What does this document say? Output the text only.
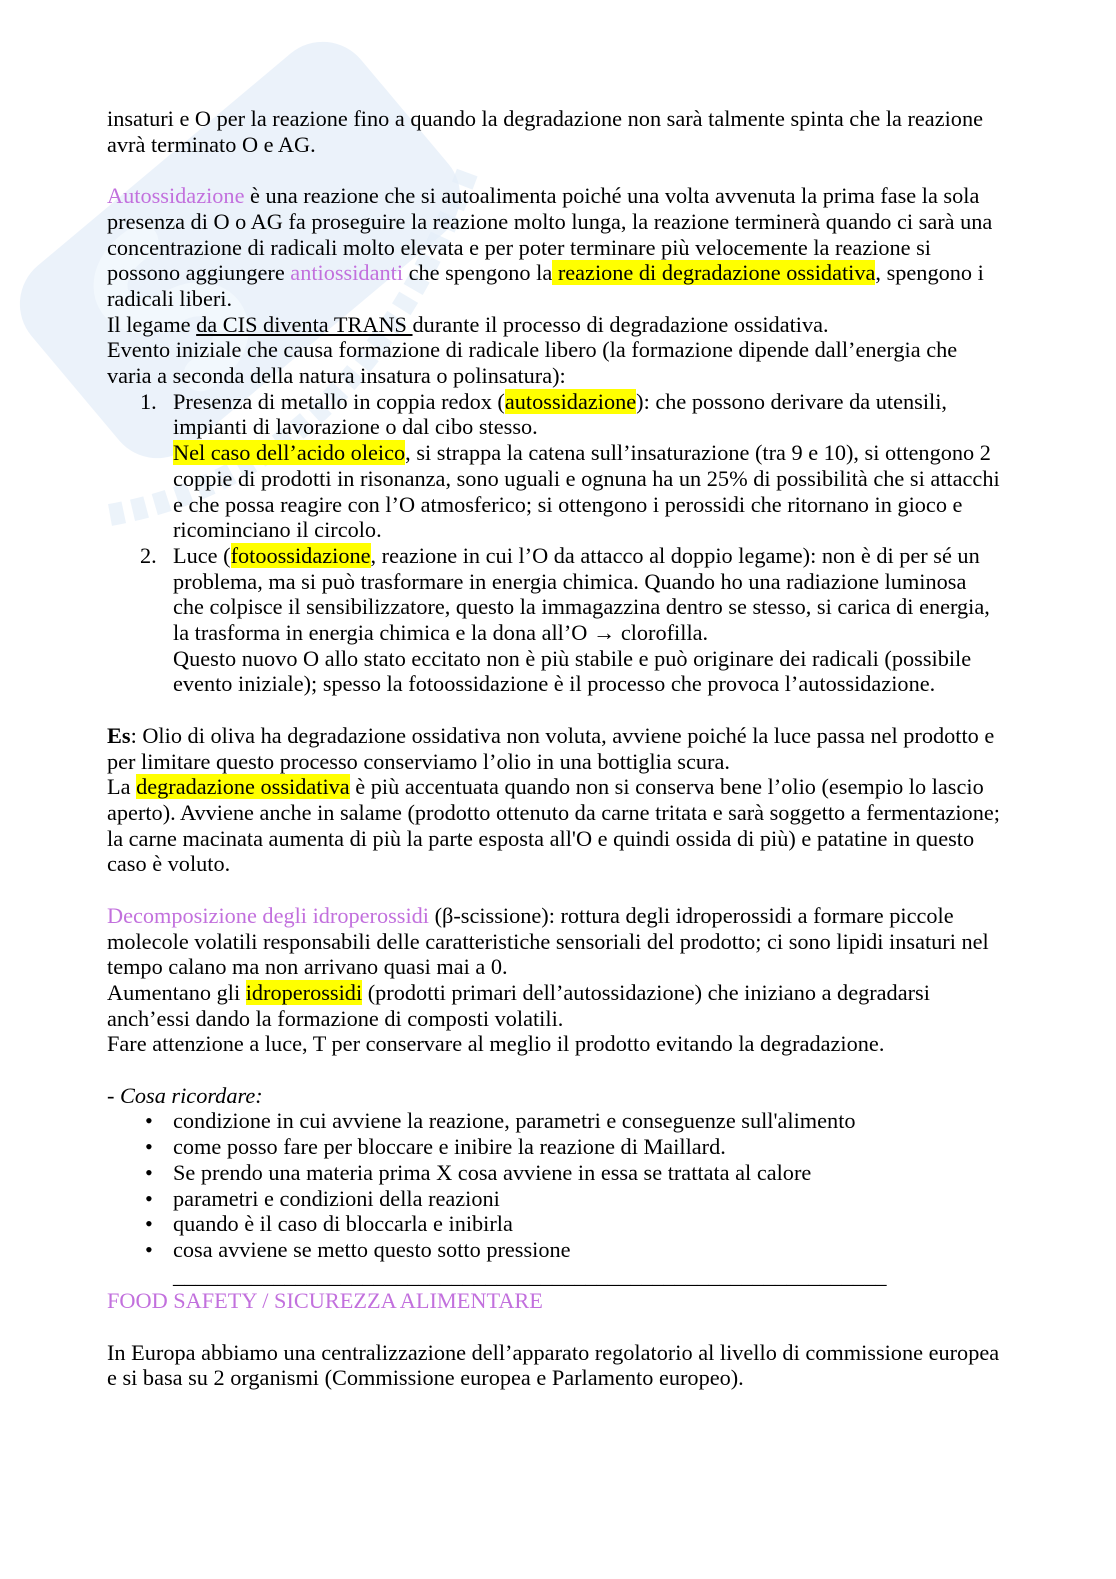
insaturi e O per la reazione fino a quando la degradazione non sarà talmente spinta che la reazione
avrà terminato O e AG.
Autossidazione è una reazione che si autoalimenta poiché una volta avvenuta la prima fase la sola
presenza di O o AG fa proseguire la reazione molto lunga, la reazione terminerà quando ci sarà una
concentrazione di radicali molto elevata e per poter terminare più velocemente la reazione si
possono aggiungere antiossidanti che spengono la reazione di degradazione ossidativa, spengono i
radicali liberi.
Il legame da CIS diventa TRANS durante il processo di degradazione ossidativa.
Evento iniziale che causa formazione di radicale libero (la formazione dipende dall’energia che
varia a seconda della natura insatura o polinsatura):
1. Presenza di metallo in coppia redox (autossidazione): che possono derivare da utensili,
impianti di lavorazione o dal cibo stesso.
Nel caso dell’acido oleico, si strappa la catena sull’insaturazione (tra 9 e 10), si ottengono 2
coppie di prodotti in risonanza, sono uguali e ognuna ha un 25% di possibilità che si attacchi
e che possa reagire con l’O atmosferico; si ottengono i perossidi che ritornano in gioco e
ricominciano il circolo.
2. Luce (fotoossidazione, reazione in cui l’O da attacco al doppio legame): non è di per sé un
problema, ma si può trasformare in energia chimica. Quando ho una radiazione luminosa
che colpisce il sensibilizzatore, questo la immagazzina dentro se stesso, si carica di energia,
la trasforma in energia chimica e la dona all’O → clorofilla.
Questo nuovo O allo stato eccitato non è più stabile e può originare dei radicali (possibile
evento iniziale); spesso la fotoossidazione è il processo che provoca l’autossidazione.
Es: Olio di oliva ha degradazione ossidativa non voluta, avviene poiché la luce passa nel prodotto e
per limitare questo processo conserviamo l’olio in una bottiglia scura.
La degradazione ossidativa è più accentuata quando non si conserva bene l’olio (esempio lo lascio
aperto). Avviene anche in salame (prodotto ottenuto da carne tritata e sarà soggetto a fermentazione;
la carne macinata aumenta di più la parte esposta all'O e quindi ossida di più) e patatine in questo
caso è voluto.
Decomposizione degli idroperossidi (β-scissione): rottura degli idroperossidi a formare piccole
molecole volatili responsabili delle caratteristiche sensoriali del prodotto; ci sono lipidi insaturi nel
tempo calano ma non arrivano quasi mai a 0.
Aumentano gli idroperossidi (prodotti primari dell’autossidazione) che iniziano a degradarsi
anch’essi dando la formazione di composti volatili.
Fare attenzione a luce, T per conservare al meglio il prodotto evitando la degradazione.
- Cosa ricordare:
• condizione in cui avviene la reazione, parametri e conseguenze sull'alimento
• come posso fare per bloccare e inibire la reazione di Maillard.
• Se prendo una materia prima X cosa avviene in essa se trattata al calore
• parametri e condizioni della reazioni
• quando è il caso di bloccarla e inibirla
• cosa avviene se metto questo sotto pressione
________________________________________________________________
FOOD SAFETY / SICUREZZA ALIMENTARE
In Europa abbiamo una centralizzazione dell’apparato regolatorio al livello di commissione europea
e si basa su 2 organismi (Commissione europea e Parlamento europeo).
